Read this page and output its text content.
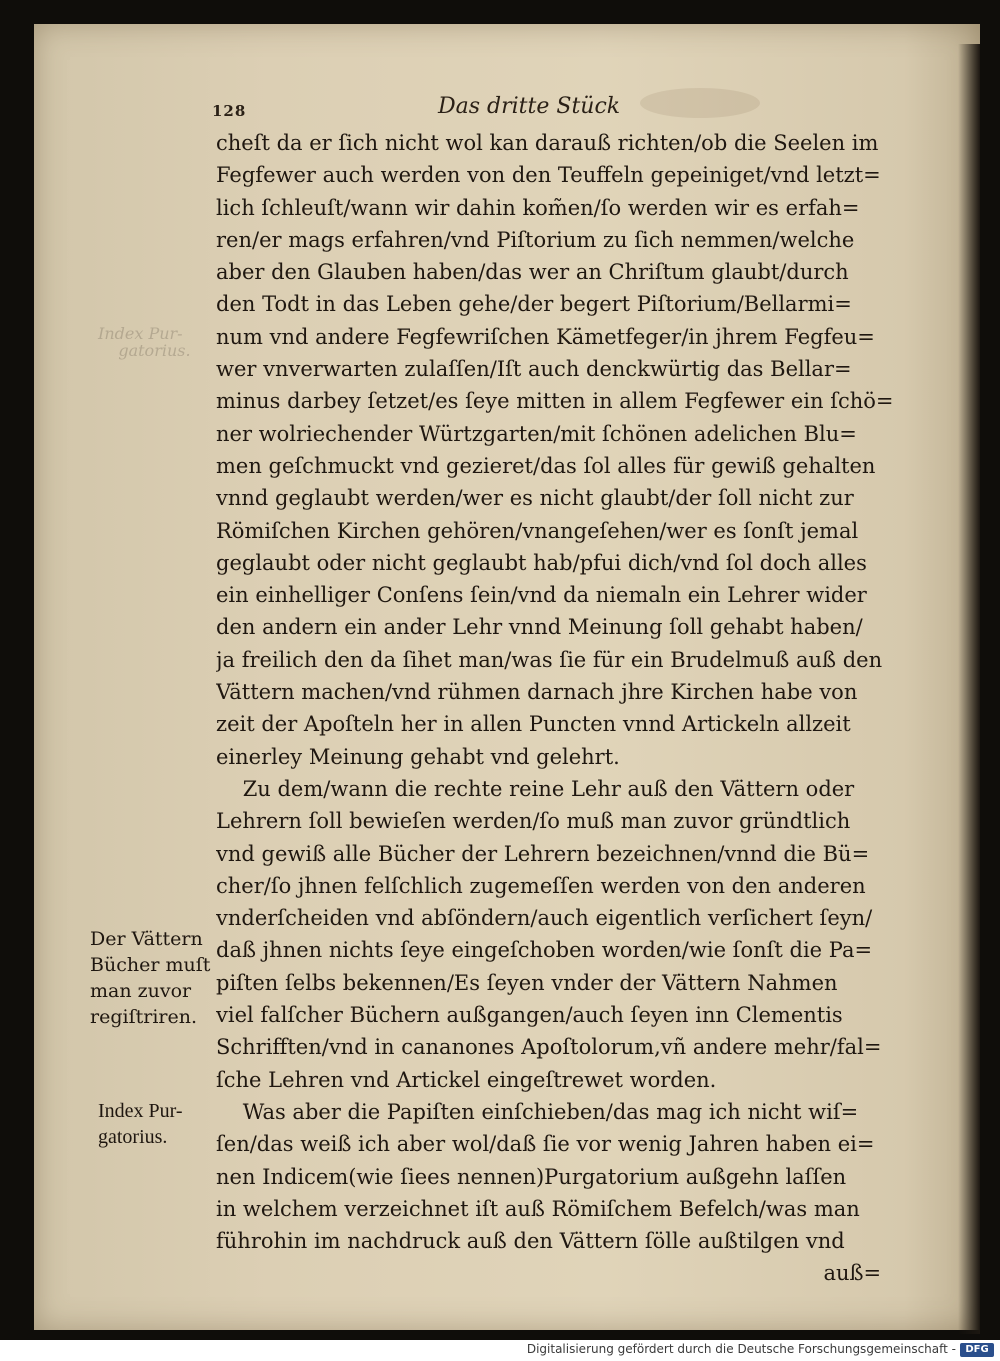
128	Das dritte Stück
Index Pur-
gatorius.
cheſt da er ſich nicht wol kan darauß richten/ob die Seelen im
Fegfewer auch werden von den Teuffeln gepeiniget/vnd letzt=
lich ſchleuſt/wann wir dahin kom̃en/ſo werden wir es erfah=
ren/er mags erfahren/vnd Piſtorium zu ſich nemmen/welche
aber den Glauben haben/das wer an Chriſtum glaubt/durch
den Todt in das Leben gehe/der begert Piſtorium/Bellarmi=
num vnd andere Fegfewriſchen Kämetfeger/in jhrem Fegfeu=
wer vnverwarten zulaſſen/Iſt auch denckwürtig das Bellar=
minus darbey ſetzet/es ſeye mitten in allem Fegfewer ein ſchö=
ner wolriechender Würtzgarten/mit ſchönen adelichen Blu=
men geſchmuckt vnd gezieret/das ſol alles für gewiß gehalten
vnnd geglaubt werden/wer es nicht glaubt/der ſoll nicht zur
Römiſchen Kirchen gehören/vnangeſehen/wer es ſonſt jemal
geglaubt oder nicht geglaubt hab/pfui dich/vnd ſol doch alles
ein einhelliger Conſens ſein/vnd da niemaln ein Lehrer wider
den andern ein ander Lehr vnnd Meinung ſoll gehabt haben/
ja freilich den da ſihet man/was ſie für ein Brudelmuß auß den
Vättern machen/vnd rühmen darnach jhre Kirchen habe von
zeit der Apoſteln her in allen Puncten vnnd Artickeln allzeit
einerley Meinung gehabt vnd gelehrt.
Zu dem/wann die rechte reine Lehr auß den Vättern oder
Lehrern ſoll bewieſen werden/ſo muß man zuvor gründtlich
vnd gewiß alle Bücher der Lehrern bezeichnen/vnnd die Bü=
cher/ſo jhnen felſchlich zugemeſſen werden von den anderen
vnderſcheiden vnd abſöndern/auch eigentlich verſichert ſeyn/
daß jhnen nichts ſeye eingeſchoben worden/wie ſonſt die Pa=
piſten ſelbs bekennen/Es ſeyen vnder der Vättern Nahmen
viel falſcher Büchern außgangen/auch ſeyen inn Clementis
Schrifften/vnd in cananones Apoſtolorum,vñ andere mehr/fal=
ſche Lehren vnd Artickel eingeſtrewet worden.
Was aber die Papiſten einſchieben/das mag ich nicht wiſ=
ſen/das weiß ich aber wol/daß ſie vor wenig Jahren haben ei=
nen Indicem(wie ſiees nennen)Purgatorium außgehn laſſen
in welchem verzeichnet iſt auß Römiſchem Befelch/was man
führohin im nachdruck auß den Vättern ſölle außtilgen vnd
auß=
Der Vättern
Bücher muſt
man zuvor
regiſtriren.
Index Pur-
gatorius.
Digitalisierung gefördert durch die Deutsche Forschungsgemeinschaft - DFG
